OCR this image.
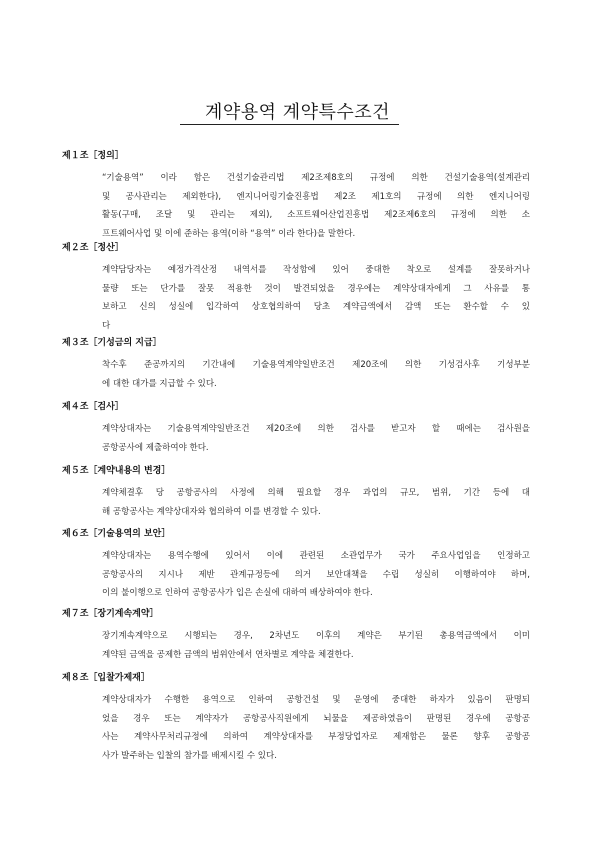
계약용역 계약특수조건

제１조［정의］

“기술용역” 이라 함은 건설기술관리법 제2조제8호의 규정에 의한 건설기술용역(설계관리
및 공사관리는 제외한다), 엔지니어링기술진흥법 제2조 제1호의 규정에 의한 엔지니어링
활동(구매, 조달 및 관리는 제외), 소프트웨어산업진흥법 제2조제6호의 규정에 의한 소
프트웨어사업 및 이에 준하는 용역(이하 “용역” 이라 한다)을 말한다.

제２조［정산］

계약담당자는 예정가격산정 내역서를 작성함에 있어 중대한 착오로 설계를 잘못하거나
물량 또는 단가를 잘못 적용한 것이 발견되었을 경우에는 계약상대자에게 그 사유를 통
보하고 신의 성실에 입각하여 상호협의하여 당초 계약금액에서 감액 또는 환수할 수 있
다

제３조［기성금의 지급］

착수후 준공까지의 기간내에 기술용역계약일반조건 제20조에 의한 기성검사후 기성부분
에 대한 대가를 지급할 수 있다.

제４조［검사］

계약상대자는 기술용역계약일반조건 제20조에 의한 검사를 받고자 할 때에는 검사원을
공항공사에 제출하여야 한다.

제５조［계약내용의 변경］

계약체결후 당 공항공사의 사정에 의해 필요할 경우 과업의 규모, 범위, 기간 등에 대
해 공항공사는 계약상대자와 협의하여 이를 변경할 수 있다.

제６조［기술용역의 보안］

계약상대자는 용역수행에 있어서 이에 관련된 소관업무가 국가 주요사업임을 인정하고
공항공사의 지시나 제반 관계규정등에 의거 보안대책을 수립 성실히 이행하여야 하며,
이의 불이행으로 인하여 공항공사가 입은 손실에 대하여 배상하여야 한다.

제７조［장기계속계약］

장기계속계약으로 시행되는 경우, 2차년도 이후의 계약은 부기된 총용역금액에서 이미
계약된 금액을 공제한 금액의 범위안에서 연차별로 계약을 체결한다.

제８조［입찰가제재］

계약상대자가 수행한 용역으로 인하여 공항건설 및 운영에 중대한 하자가 있음이 판명되
었을 경우 또는 계약자가 공항공사직원에게 뇌물을 제공하였음이 판명된 경우에 공항공
사는 계약사무처리규정에 의하여 계약상대자를 부정당업자로 제재함은 물론 향후 공항공
사가 발주하는 입찰의 참가를 배제시킬 수 있다.
